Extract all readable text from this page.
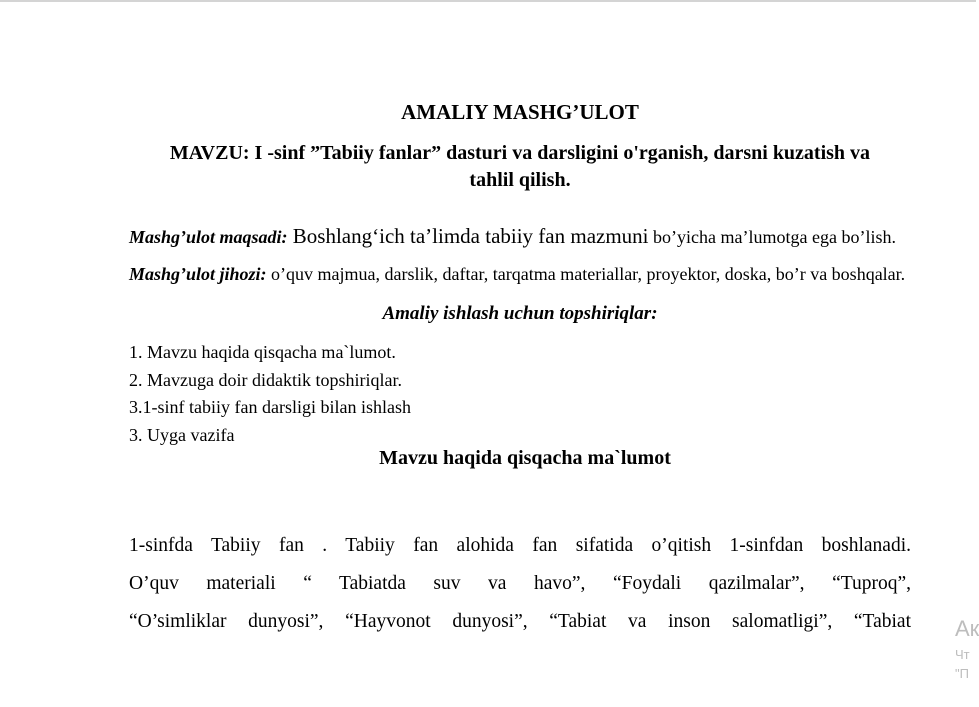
AMALIY MASHG’ULOT

MAVZU: I -sinf ”Tabiiy fanlar” dasturi va darsligini o'rganish, darsni kuzatish va tahlil qilish.

Mashg’ulot maqsadi: Boshlang‘ich ta’limda tabiiy fan mazmuni bo’yicha ma’lumotga ega bo’lish.

Mashg’ulot jihozi: o’quv majmua, darslik, daftar, tarqatma materiallar, proyektor, doska, bo’r va boshqalar.

Amaliy ishlash uchun topshiriqlar:

1. Mavzu haqida qisqacha ma`lumot.
2. Mavzuga doir didaktik topshiriqlar.
3.1-sinf tabiiy fan darsligi bilan ishlash
3. Uyga vazifa

Mavzu haqida qisqacha ma`lumot

1-sinfda Tabiiy fan . Tabiiy fan alohida fan sifatida o’qitish 1-sinfdan boshlanadi.
O’quv materiali “ Tabiatda suv va havo”, “Foydali qazilmalar”, “Tuproq”,
“O’simliklar dunyosi”, “Hayvonot dunyosi”, “Tabiat va inson salomatligi”, “Tabiat Ак
Чт
"П
